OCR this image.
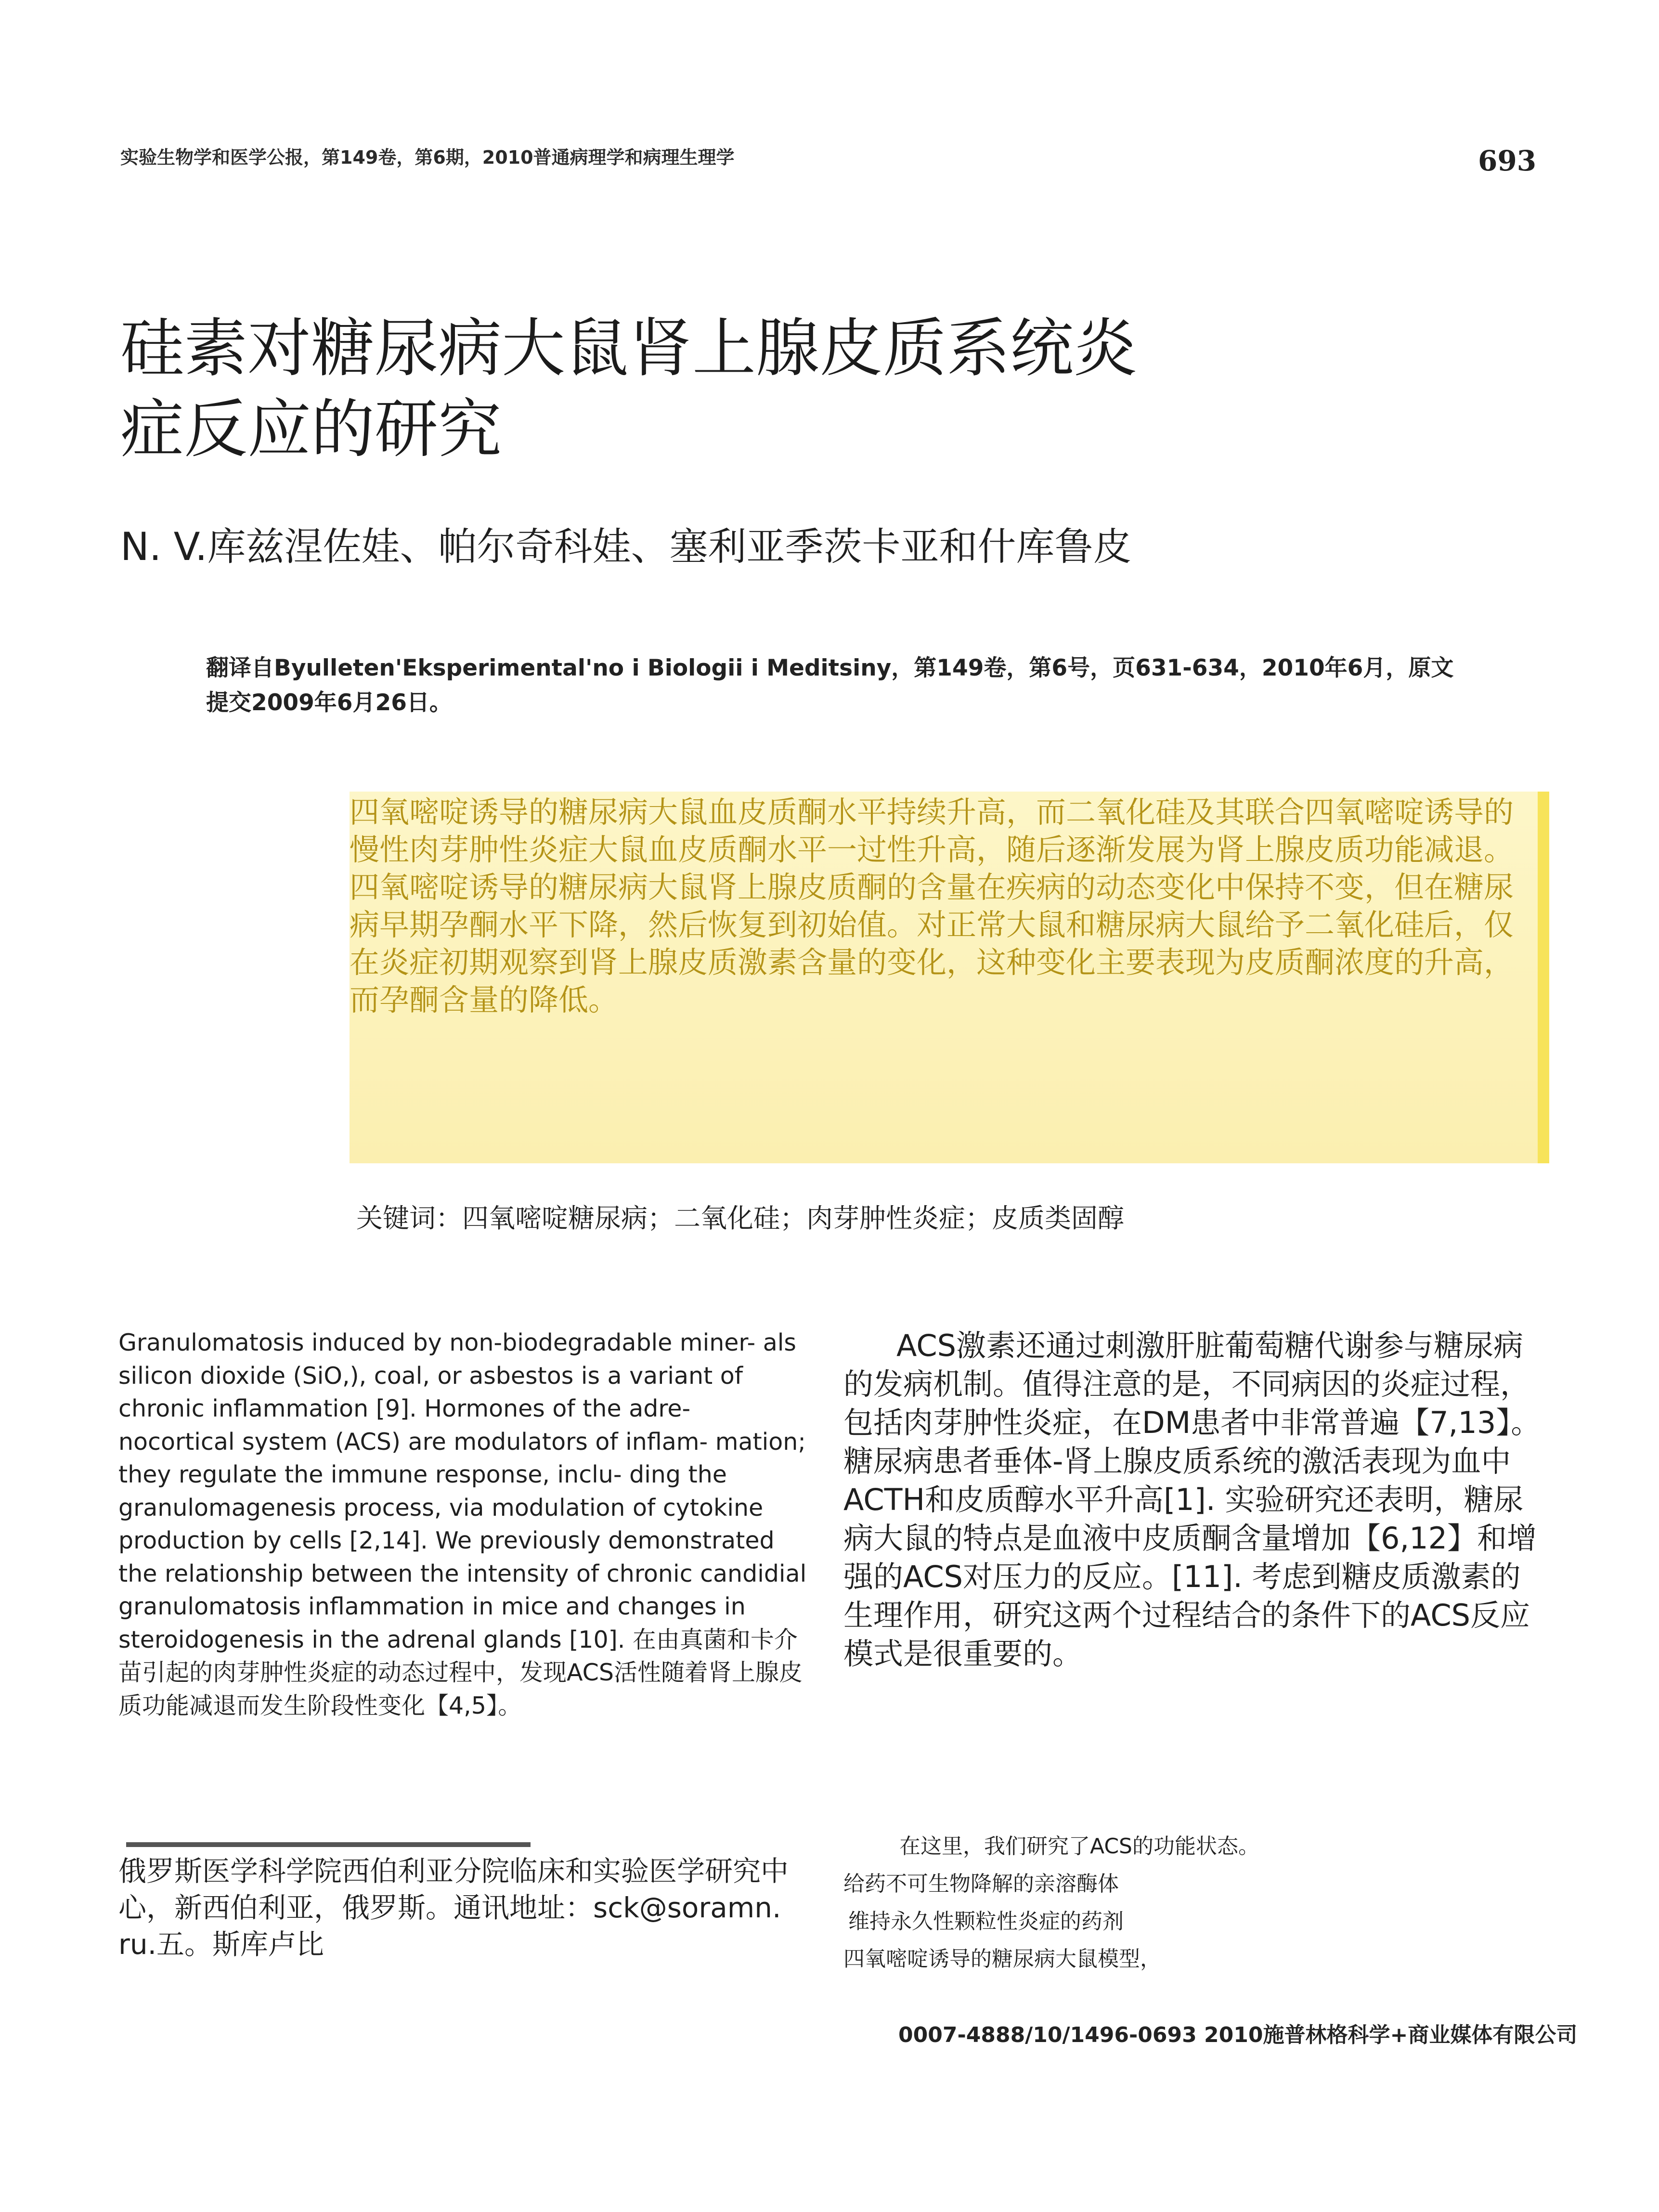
实验生物学和医学公报，第149卷，第6期，2010普通病理学和病理生理学	693
硅素对糖尿病大鼠肾上腺皮质系统炎症反应的研究
N. V.库兹涅佐娃、帕尔奇科娃、塞利亚季茨卡亚和什库鲁皮
翻译自Byulleten'Eksperimental'no i Biologii i Meditsiny，第149卷，第6号，页631-634，2010年6月，原文提交2009年6月26日。
四氧嘧啶诱导的糖尿病大鼠血皮质酮水平持续升高，而二氧化硅及其联合四氧嘧啶诱导的慢性肉芽肿性炎症大鼠血皮质酮水平一过性升高，随后逐渐发展为肾上腺皮质功能减退。四氧嘧啶诱导的糖尿病大鼠肾上腺皮质酮的含量在疾病的动态变化中保持不变，但在糖尿病早期孕酮水平下降，然后恢复到初始值。对正常大鼠和糖尿病大鼠给予二氧化硅后，仅在炎症初期观察到肾上腺皮质激素含量的变化，这种变化主要表现为皮质酮浓度的升高，而孕酮含量的降低。
关键词：四氧嘧啶糖尿病；二氧化硅；肉芽肿性炎症；皮质类固醇
Granulomatosis induced by non-biodegradable miner- als silicon dioxide (SiO,), coal, or asbestos is a variant of chronic inflammation [9]. Hormones of the adre- nocortical system (ACS) are modulators of inflam- mation; they regulate the immune response, inclu- ding the granulomagenesis process, via modulation of cytokine production by cells [2,14]. We previously demonstrated the relationship between the intensity of chronic candidial granulomatosis inflammation in mice and changes in steroidogenesis in the adrenal glands [10]. 在由真菌和卡介苗引起的肉芽肿性炎症的动态过程中，发现ACS活性随着肾上腺皮质功能减退而发生阶段性变化【4,5】。
ACS激素还通过刺激肝脏葡萄糖代谢参与糖尿病的发病机制。值得注意的是，不同病因的炎症过程，包括肉芽肿性炎症，在DM患者中非常普遍【7,13】。糖尿病患者垂体-肾上腺皮质系统的激活表现为血中ACTH和皮质醇水平升高[1]. 实验研究还表明，糖尿病大鼠的特点是血液中皮质酮含量增加【6,12】和增强的ACS对压力的反应。[11]. 考虑到糖皮质激素的生理作用，研究这两个过程结合的条件下的ACS反应模式是很重要的。
俄罗斯医学科学院西伯利亚分院临床和实验医学研究中心，新西伯利亚，俄罗斯。通讯地址：sck@soramn. ru.五。斯库卢比
在这里，我们研究了ACS的功能状态。
给药不可生物降解的亲溶酶体
维持永久性颗粒性炎症的药剂
四氧嘧啶诱导的糖尿病大鼠模型，
0007-4888/10/1496-0693 2010施普林格科学+商业媒体有限公司
